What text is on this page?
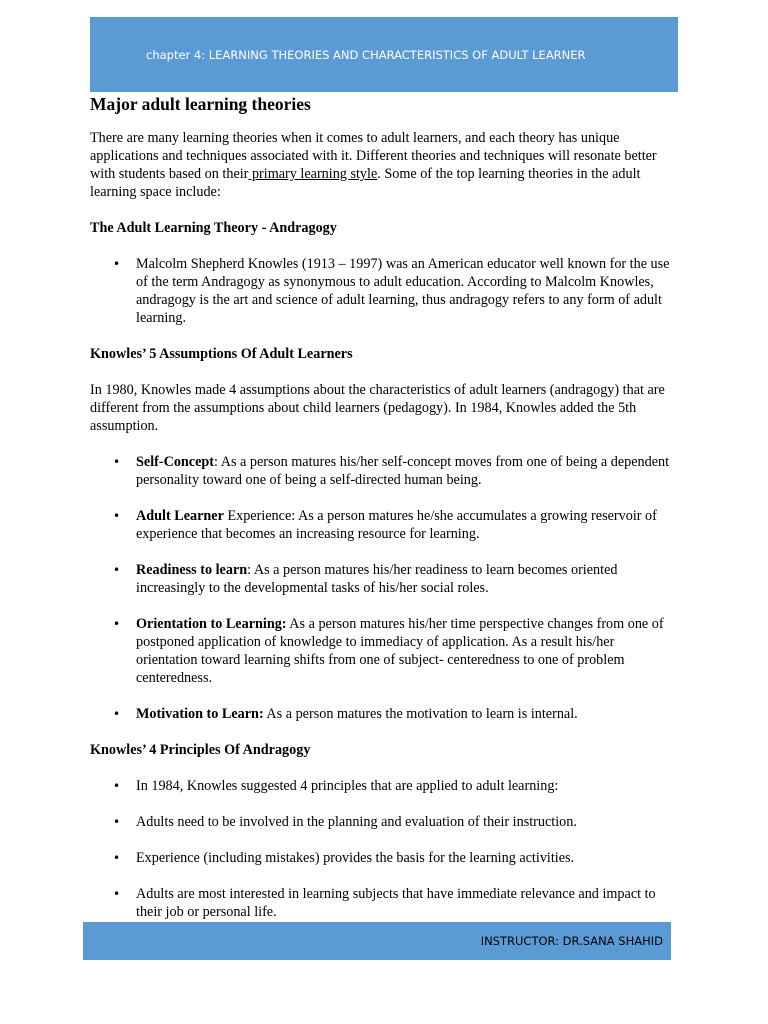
chapter 4: LEARNING THEORIES AND CHARACTERISTICS OF ADULT LEARNER
Major adult learning theories

There are many learning theories when it comes to adult learners, and each theory has unique applications and techniques associated with it. Different theories and techniques will resonate better with students based on their primary learning style. Some of the top learning theories in the adult learning space include:

The Adult Learning Theory - Andragogy
• Malcolm Shepherd Knowles (1913 – 1997) was an American educator well known for the use of the term Andragogy as synonymous to adult education. According to Malcolm Knowles, andragogy is the art and science of adult learning, thus andragogy refers to any form of adult learning.
Knowles’ 5 Assumptions Of Adult Learners

In 1980, Knowles made 4 assumptions about the characteristics of adult learners (andragogy) that are different from the assumptions about child learners (pedagogy). In 1984, Knowles added the 5th assumption.

• Self-Concept: As a person matures his/her self-concept moves from one of being a dependent personality toward one of being a self-directed human being.
• Adult Learner Experience: As a person matures he/she accumulates a growing reservoir of experience that becomes an increasing resource for learning.
• Readiness to learn: As a person matures his/her readiness to learn becomes oriented increasingly to the developmental tasks of his/her social roles.
• Orientation to Learning: As a person matures his/her time perspective changes from one of postponed application of knowledge to immediacy of application. As a result his/her orientation toward learning shifts from one of subject- centeredness to one of problem centeredness.
• Motivation to Learn: As a person matures the motivation to learn is internal.
Knowles’ 4 Principles Of Andragogy
• In 1984, Knowles suggested 4 principles that are applied to adult learning:
• Adults need to be involved in the planning and evaluation of their instruction.
• Experience (including mistakes) provides the basis for the learning activities.
• Adults are most interested in learning subjects that have immediate relevance and impact to their job or personal life.
INSTRUCTOR: DR.SANA SHAHID
